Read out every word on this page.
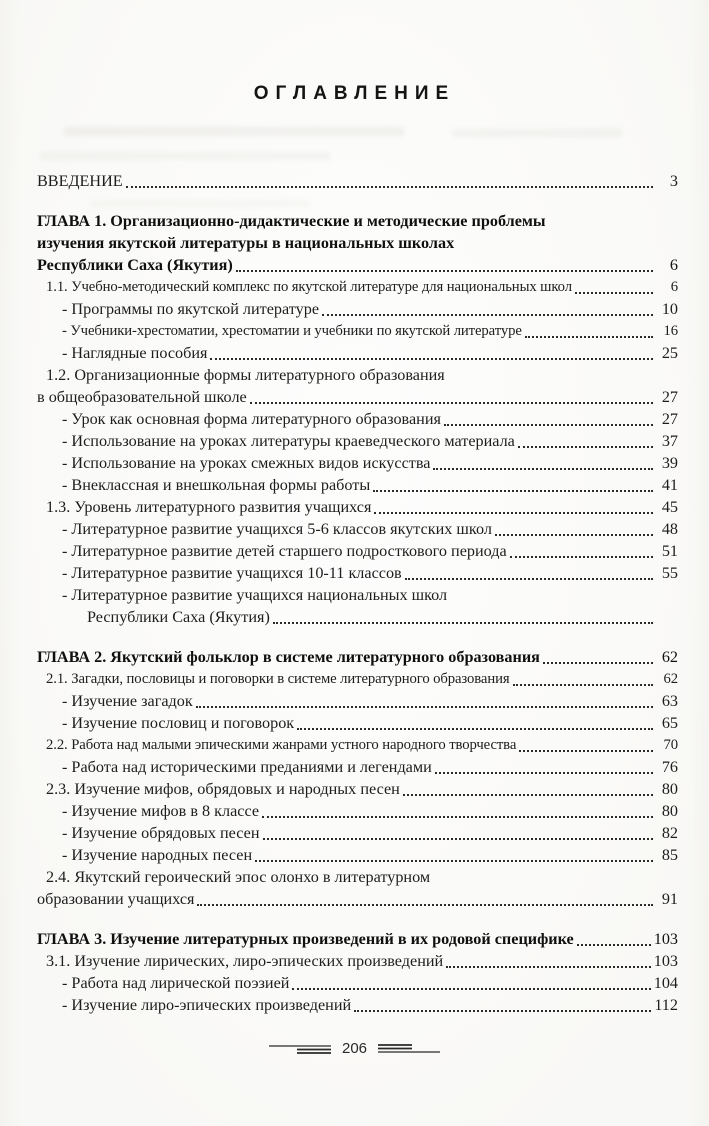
ОГЛАВЛЕНИЕ
ВВЕДЕНИЕ	3
ГЛАВА 1. Организационно-дидактические и методические проблемы
изучения якутской литературы в национальных школах
Республики Саха (Якутия)	6
1.1. Учебно-методический комплекс по якутской литературе для национальных школ	6
- Программы по якутской литературе	10
- Учебники-хрестоматии, хрестоматии и учебники по якутской литературе	16
- Наглядные пособия	25
1.2. Организационные формы литературного образования
в общеобразовательной школе	27
- Урок как основная форма литературного образования	27
- Использование на уроках литературы краеведческого материала	37
- Использование на уроках смежных видов искусства	39
- Внеклассная и внешкольная формы работы	41
1.3. Уровень литературного развития учащихся	45
- Литературное развитие учащихся 5-6 классов якутских школ	48
- Литературное развитие детей старшего подросткового периода	51
- Литературное развитие учащихся 10-11 классов	55
- Литературное развитие учащихся национальных школ
Республики Саха (Якутия)
ГЛАВА 2. Якутский фольклор в системе литературного образования	62
2.1. Загадки, пословицы и поговорки в системе литературного образования	62
- Изучение загадок	63
- Изучение пословиц и поговорок	65
2.2. Работа над малыми эпическими жанрами устного народного творчества	70
- Работа над историческими преданиями и легендами	76
2.3. Изучение мифов, обрядовых и народных песен	80
- Изучение мифов в 8 классе	80
- Изучение обрядовых песен	82
- Изучение народных песен	85
2.4. Якутский героический эпос олонхо в литературном
образовании учащихся	91
ГЛАВА 3. Изучение литературных произведений в их родовой специфике	103
3.1. Изучение лирических, лиро-эпических произведений	103
- Работа над лирической поэзией	104
- Изучение лиро-эпических произведений	112
206
